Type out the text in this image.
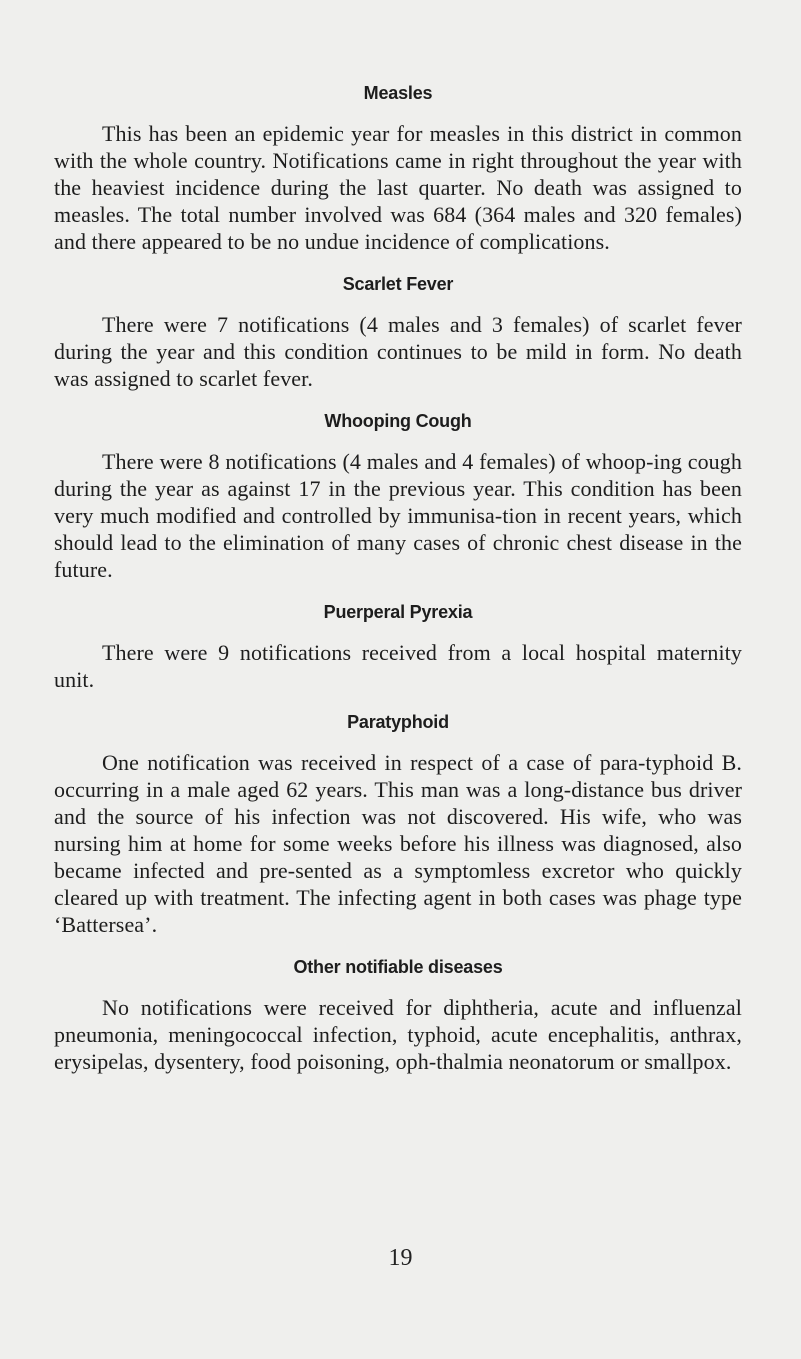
Measles

This has been an epidemic year for measles in this district in common with the whole country. Notifications came in right throughout the year with the heaviest incidence during the last quarter. No death was assigned to measles. The total number involved was 684 (364 males and 320 females) and there appeared to be no undue incidence of complications.

Scarlet Fever

There were 7 notifications (4 males and 3 females) of scarlet fever during the year and this condition continues to be mild in form. No death was assigned to scarlet fever.

Whooping Cough

There were 8 notifications (4 males and 4 females) of whoop-ing cough during the year as against 17 in the previous year. This condition has been very much modified and controlled by immunisa-tion in recent years, which should lead to the elimination of many cases of chronic chest disease in the future.

Puerperal Pyrexia

There were 9 notifications received from a local hospital maternity unit.

Paratyphoid

One notification was received in respect of a case of para-typhoid B. occurring in a male aged 62 years. This man was a long-distance bus driver and the source of his infection was not discovered. His wife, who was nursing him at home for some weeks before his illness was diagnosed, also became infected and pre-sented as a symptomless excretor who quickly cleared up with treatment. The infecting agent in both cases was phage type ‘Battersea’.

Other notifiable diseases

No notifications were received for diphtheria, acute and influenzal pneumonia, meningococcal infection, typhoid, acute encephalitis, anthrax, erysipelas, dysentery, food poisoning, oph-thalmia neonatorum or smallpox.

19
